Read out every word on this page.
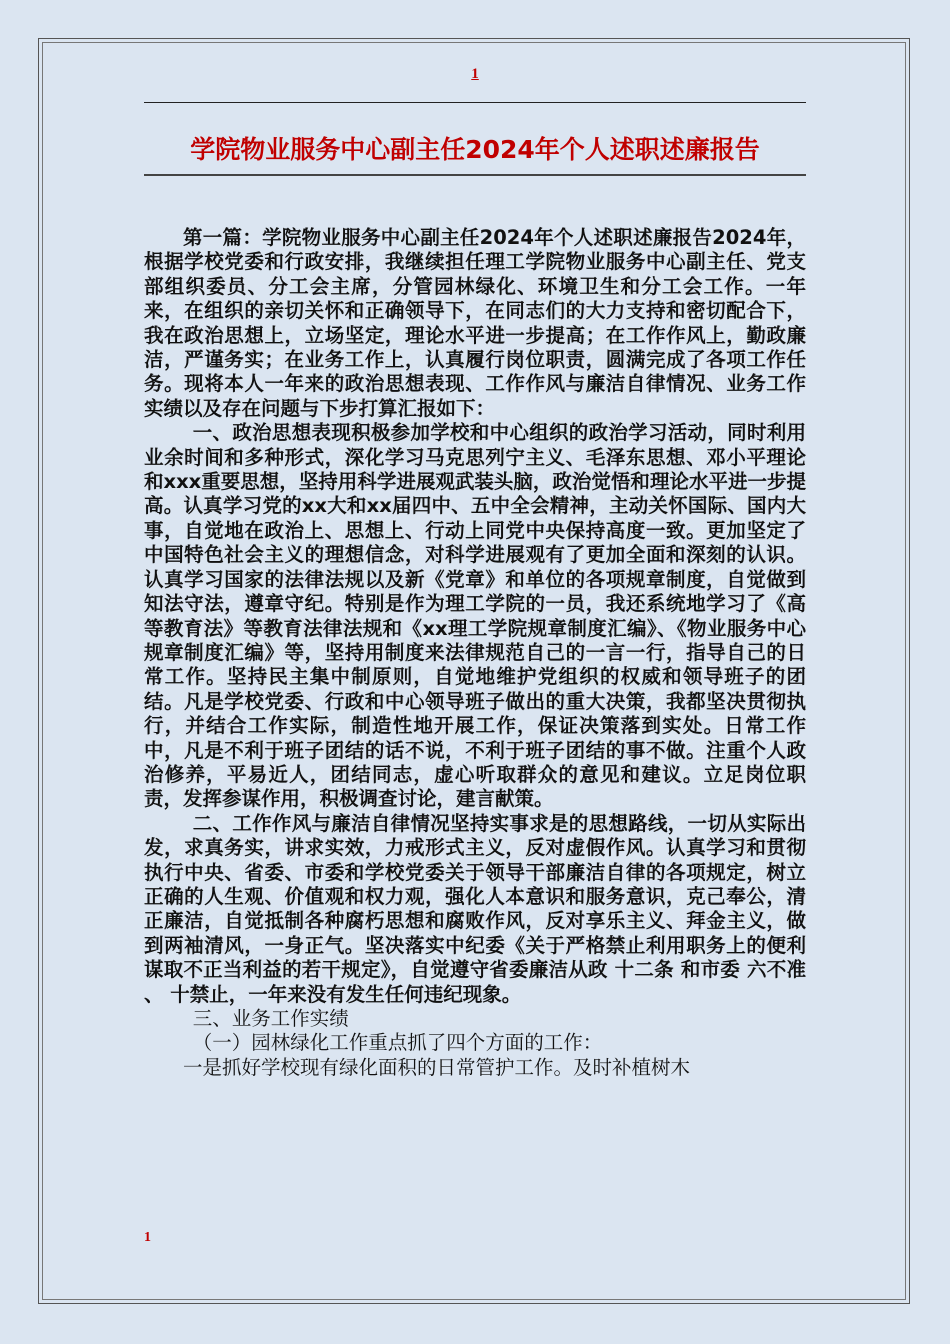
1
学院物业服务中心副主任2024年个人述职述廉报告

第一篇：学院物业服务中心副主任2024年个人述职述廉报告2024年，根据学校党委和行政安排，我继续担任理工学院物业服务中心副主任、党支部组织委员、分工会主席，分管园林绿化、环境卫生和分工会工作。一年来，在组织的亲切关怀和正确领导下，在同志们的大力支持和密切配合下，我在政治思想上，立场坚定，理论水平进一步提高；在工作作风上，勤政廉洁，严谨务实；在业务工作上，认真履行岗位职责，圆满完成了各项工作任务。现将本人一年来的政治思想表现、工作作风与廉洁自律情况、业务工作实绩以及存在问题与下步打算汇报如下：

一、政治思想表现积极参加学校和中心组织的政治学习活动，同时利用业余时间和多种形式，深化学习马克思列宁主义、毛泽东思想、邓小平理论和xxx重要思想，坚持用科学进展观武装头脑，政治觉悟和理论水平进一步提高。认真学习党的xx大和xx届四中、五中全会精神，主动关怀国际、国内大事，自觉地在政治上、思想上、行动上同党中央保持高度一致。更加坚定了中国特色社会主义的理想信念，对科学进展观有了更加全面和深刻的认识。认真学习国家的法律法规以及新《党章》和单位的各项规章制度，自觉做到知法守法，遵章守纪。特别是作为理工学院的一员，我还系统地学习了《高等教育法》等教育法律法规和《xx理工学院规章制度汇编》、《物业服务中心规章制度汇编》等，坚持用制度来法律规范自己的一言一行，指导自己的日常工作。坚持民主集中制原则，自觉地维护党组织的权威和领导班子的团结。凡是学校党委、行政和中心领导班子做出的重大决策，我都坚决贯彻执行，并结合工作实际，制造性地开展工作，保证决策落到实处。日常工作中，凡是不利于班子团结的话不说，不利于班子团结的事不做。注重个人政治修养，平易近人，团结同志，虚心听取群众的意见和建议。立足岗位职责，发挥参谋作用，积极调查讨论，建言献策。

二、工作作风与廉洁自律情况坚持实事求是的思想路线，一切从实际出发，求真务实，讲求实效，力戒形式主义，反对虚假作风。认真学习和贯彻执行中央、省委、市委和学校党委关于领导干部廉洁自律的各项规定，树立正确的人生观、价值观和权力观，强化人本意识和服务意识，克己奉公，清正廉洁，自觉抵制各种腐朽思想和腐败作风，反对享乐主义、拜金主义，做到两袖清风，一身正气。坚决落实中纪委《关于严格禁止利用职务上的便利谋取不正当利益的若干规定》，自觉遵守省委廉洁从政 十二条 和市委 六不准 、 十禁止，一年来没有发生任何违纪现象。

三、业务工作实绩

（一）园林绿化工作重点抓了四个方面的工作：

一是抓好学校现有绿化面积的日常管护工作。及时补植树木

1
